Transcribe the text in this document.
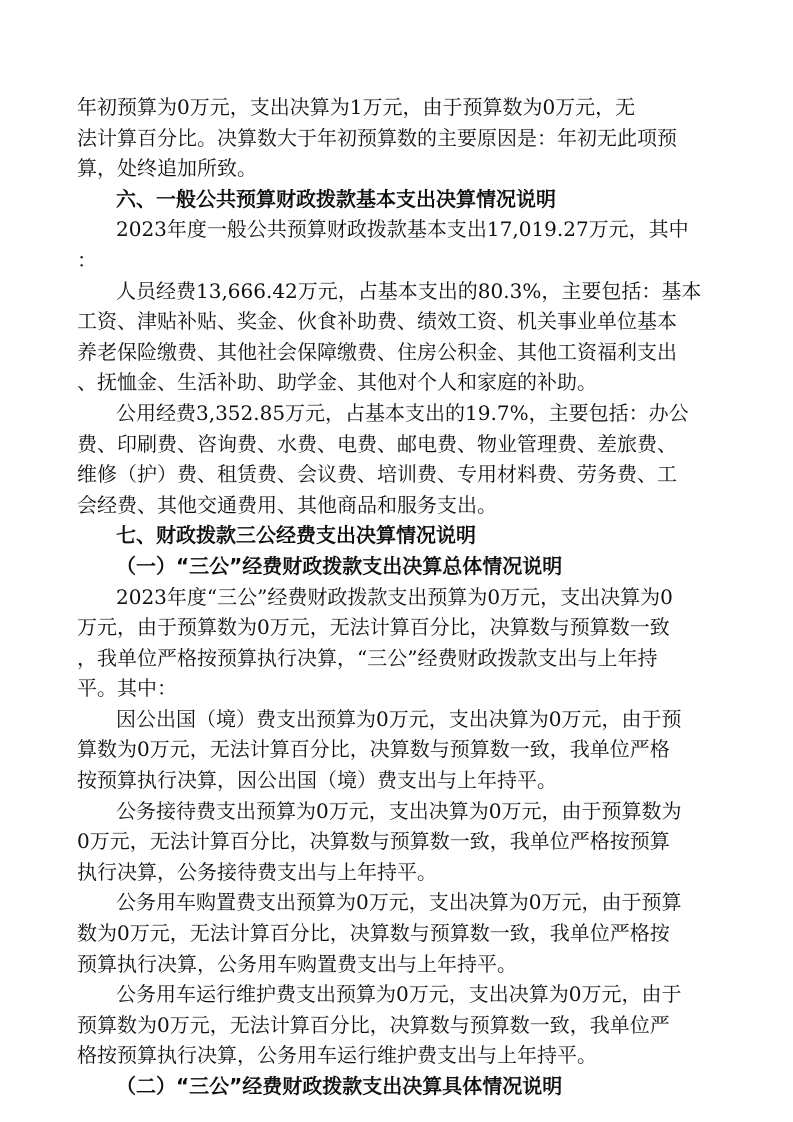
年初预算为0万元，支出决算为1万元，由于预算数为0万元，无
法计算百分比。决算数大于年初预算数的主要原因是：年初无此项预
算，处终追加所致。
六、一般公共预算财政拨款基本支出决算情况说明
2023年度一般公共预算财政拨款基本支出17,019.27万元，其中
：
人员经费13,666.42万元，占基本支出的80.3%，主要包括：基本
工资、津贴补贴、奖金、伙食补助费、绩效工资、机关事业单位基本
养老保险缴费、其他社会保障缴费、住房公积金、其他工资福利支出
、抚恤金、生活补助、助学金、其他对个人和家庭的补助。
公用经费3,352.85万元，占基本支出的19.7%，主要包括：办公
费、印刷费、咨询费、水费、电费、邮电费、物业管理费、差旅费、
维修（护）费、租赁费、会议费、培训费、专用材料费、劳务费、工
会经费、其他交通费用、其他商品和服务支出。
七、财政拨款三公经费支出决算情况说明
（一）“三公”经费财政拨款支出决算总体情况说明
2023年度“三公”经费财政拨款支出预算为0万元，支出决算为0
万元，由于预算数为0万元，无法计算百分比，决算数与预算数一致
，我单位严格按预算执行决算，“三公”经费财政拨款支出与上年持
平。其中：
因公出国（境）费支出预算为0万元，支出决算为0万元，由于预
算数为0万元，无法计算百分比，决算数与预算数一致，我单位严格
按预算执行决算，因公出国（境）费支出与上年持平。
公务接待费支出预算为0万元，支出决算为0万元，由于预算数为
0万元，无法计算百分比，决算数与预算数一致，我单位严格按预算
执行决算，公务接待费支出与上年持平。
公务用车购置费支出预算为0万元，支出决算为0万元，由于预算
数为0万元，无法计算百分比，决算数与预算数一致，我单位严格按
预算执行决算，公务用车购置费支出与上年持平。
公务用车运行维护费支出预算为0万元，支出决算为0万元，由于
预算数为0万元，无法计算百分比，决算数与预算数一致，我单位严
格按预算执行决算，公务用车运行维护费支出与上年持平。
（二）“三公”经费财政拨款支出决算具体情况说明
